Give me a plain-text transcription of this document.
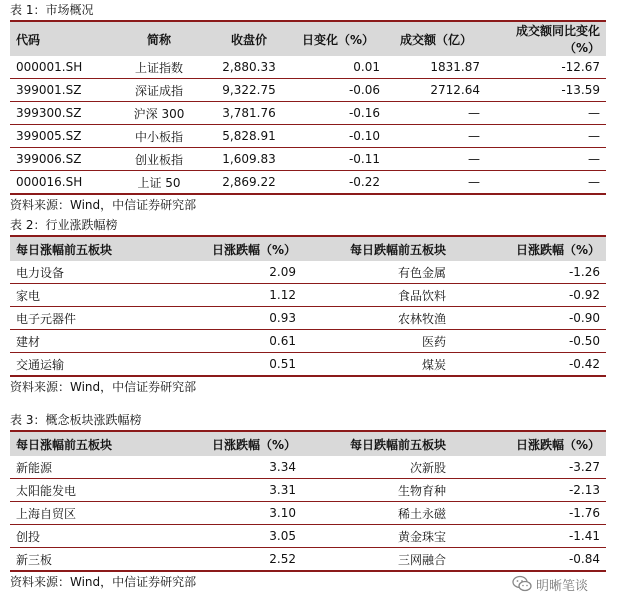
表 1：市场概况
代码	简称	收盘价	日变化（%）	成交额（亿）	成交额同比变化（%）
000001.SH	上证指数	2,880.33	0.01	1831.87	-12.67
399001.SZ	深证成指	9,322.75	-0.06	2712.64	-13.59
399300.SZ	沪深 300	3,781.76	-0.16	—	—
399005.SZ	中小板指	5,828.91	-0.10	—	—
399006.SZ	创业板指	1,609.83	-0.11	—	—
000016.SH	上证 50	2,869.22	-0.22	—	—
资料来源：Wind，中信证券研究部
表 2：行业涨跌幅榜
每日涨幅前五板块	日涨跌幅（%）	每日跌幅前五板块	日涨跌幅（%）
电力设备	2.09	有色金属	-1.26
家电	1.12	食品饮料	-0.92
电子元器件	0.93	农林牧渔	-0.90
建材	0.61	医药	-0.50
交通运输	0.51	煤炭	-0.42
资料来源：Wind，中信证券研究部
表 3：概念板块涨跌幅榜
每日涨幅前五板块	日涨跌幅（%）	每日跌幅前五板块	日涨跌幅（%）
新能源	3.34	次新股	-3.27
太阳能发电	3.31	生物育种	-2.13
上海自贸区	3.10	稀土永磁	-1.76
创投	3.05	黄金珠宝	-1.41
新三板	2.52	三网融合	-0.84
资料来源：Wind，中信证券研究部	明晰笔谈
